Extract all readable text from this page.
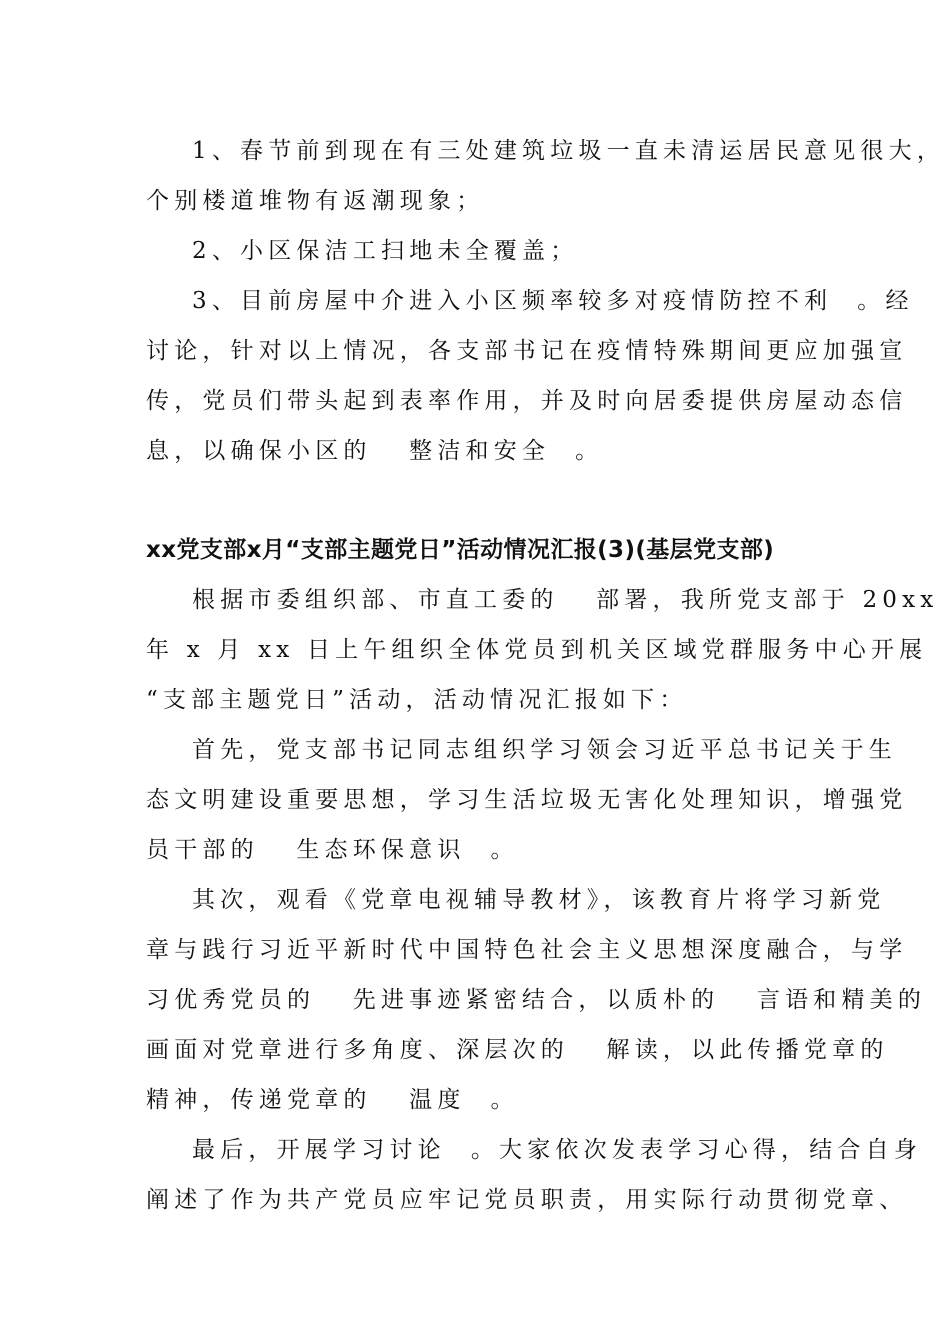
1、春节前到现在有三处建筑垃圾一直未清运居民意见很大，

个别楼道堆物有返潮现象；

2、小区保洁工扫地未全覆盖；

3、目前房屋中介进入小区频率较多对疫情防控不利  。经

讨论，针对以上情况，各支部书记在疫情特殊期间更应加强宣

传，党员们带头起到表率作用，并及时向居委提供房屋动态信

息，以确保小区的   整洁和安全  。

xx党支部x月“支部主题党日”活动情况汇报(3)(基层党支部)

根据市委组织部、市直工委的   部署，我所党支部于 20xx

年 x 月 xx 日上午组织全体党员到机关区域党群服务中心开展

“支部主题党日”活动，活动情况汇报如下：

首先，党支部书记同志组织学习领会习近平总书记关于生

态文明建设重要思想，学习生活垃圾无害化处理知识，增强党

员干部的   生态环保意识  。

其次，观看《党章电视辅导教材》，该教育片将学习新党

章与践行习近平新时代中国特色社会主义思想深度融合，与学

习优秀党员的   先进事迹紧密结合，以质朴的   言语和精美的

画面对党章进行多角度、深层次的   解读，以此传播党章的

精神，传递党章的   温度  。

最后，开展学习讨论  。大家依次发表学习心得，结合自身

阐述了作为共产党员应牢记党员职责，用实际行动贯彻党章、
